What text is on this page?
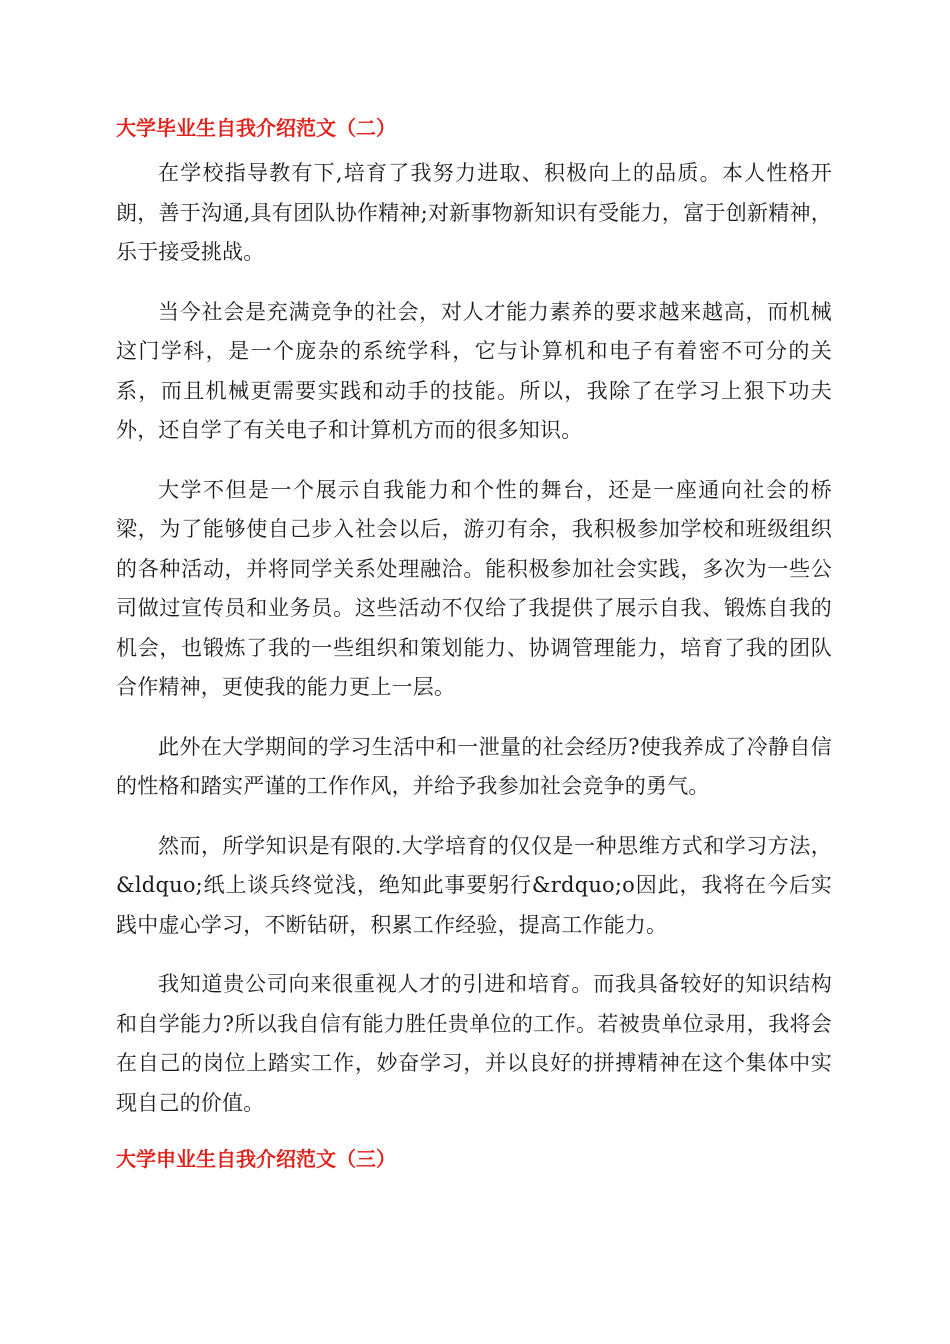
大学毕业生自我介绍范文（二）

在学校指导教有下,培育了我努力进取、积极向上的品质。本人性格开朗，善于沟通,具有团队协作精神;对新事物新知识有受能力，富于创新精神，乐于接受挑战。

当今社会是充满竞争的社会，对人才能力素养的要求越来越高，而机械这门学科，是一个庞杂的系统学科，它与讣算机和电子有着密不可分的关系，而且机械更需要实践和动手的技能。所以，我除了在学习上狠下功夫外，还自学了有关电子和计算机方而的很多知识。

大学不但是一个展示自我能力和个性的舞台，还是一座通向社会的桥梁，为了能够使自己步入社会以后，游刃有余，我积极参加学校和班级组织的各种活动，并将同学关系处理融洽。能积极参加社会实践，多次为一些公司做过宣传员和业务员。这些活动不仅给了我提供了展示自我、锻炼自我的机会，也锻炼了我的一些组织和策划能力、协调管理能力，培育了我的团队合作精神，更使我的能力更上一层。

此外在大学期间的学习生活中和一泄量的社会经历?使我养成了冷静自信的性格和踏实严谨的工作作风，并给予我参加社会竞争的勇气。

然而，所学知识是有限的.大学培育的仅仅是一种思维方式和学习方法，&ldquo;纸上谈兵终觉浅，绝知此事要躬行&rdquo;o因此，我将在今后实践中虚心学习，不断钻研，积累工作经验，提高工作能力。

我知道贵公司向来很重视人才的引进和培育。而我具备较好的知识结构和自学能力?所以我自信有能力胜任贵单位的工作。若被贵单位录用，我将会在自己的岗位上踏实工作，妙奋学习，并以良好的拼搏精神在这个集体中实现自己的价值。

大学申业生自我介绍范文（三）
